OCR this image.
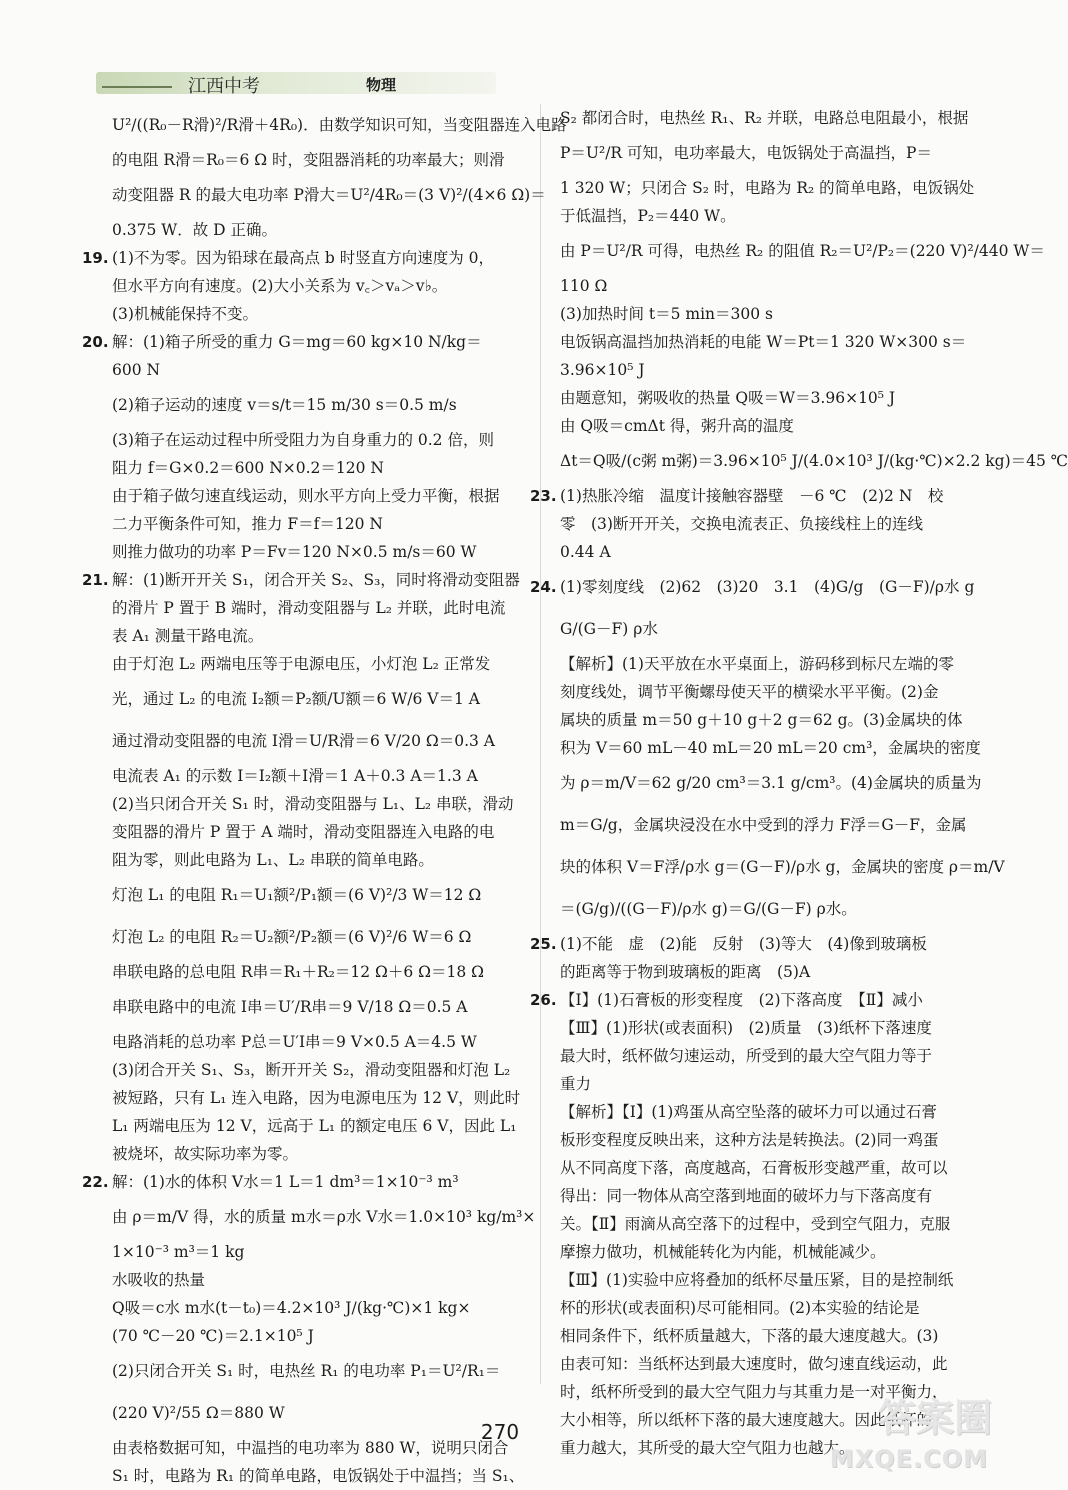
江西中考	物理
U²/((R₀－R滑)²/R滑＋4R₀)．由数学知识可知，当变阻器连入电路
的电阻 R滑＝R₀＝6 Ω 时，变阻器消耗的功率最大；则滑
动变阻器 R 的最大电功率 P滑大＝U²/4R₀＝(3 V)²/(4×6 Ω)＝
0.375 W．故 D 正确。
19. (1)不为零。因为铅球在最高点 b 时竖直方向速度为 0，
但水平方向有速度。(2)大小关系为 v꜀＞vₐ＞v♭。
(3)机械能保持不变。
20. 解：(1)箱子所受的重力 G＝mg＝60 kg×10 N/kg＝
600 N
(2)箱子运动的速度 v＝s/t＝15 m/30 s＝0.5 m/s
(3)箱子在运动过程中所受阻力为自身重力的 0.2 倍，则
阻力 f＝G×0.2＝600 N×0.2＝120 N
由于箱子做匀速直线运动，则水平方向上受力平衡，根据
二力平衡条件可知，推力 F＝f＝120 N
则推力做功的功率 P＝Fv＝120 N×0.5 m/s＝60 W
21. 解：(1)断开开关 S₁，闭合开关 S₂、S₃，同时将滑动变阻器
的滑片 P 置于 B 端时，滑动变阻器与 L₂ 并联，此时电流
表 A₁ 测量干路电流。
由于灯泡 L₂ 两端电压等于电源电压，小灯泡 L₂ 正常发
光，通过 L₂ 的电流 I₂额＝P₂额/U额＝6 W/6 V＝1 A
通过滑动变阻器的电流 I滑＝U/R滑＝6 V/20 Ω＝0.3 A
电流表 A₁ 的示数 I＝I₂额＋I滑＝1 A＋0.3 A＝1.3 A
(2)当只闭合开关 S₁ 时，滑动变阻器与 L₁、L₂ 串联，滑动
变阻器的滑片 P 置于 A 端时，滑动变阻器连入电路的电
阻为零，则此电路为 L₁、L₂ 串联的简单电路。
灯泡 L₁ 的电阻 R₁＝U₁额²/P₁额＝(6 V)²/3 W＝12 Ω
灯泡 L₂ 的电阻 R₂＝U₂额²/P₂额＝(6 V)²/6 W＝6 Ω
串联电路的总电阻 R串＝R₁＋R₂＝12 Ω＋6 Ω＝18 Ω
串联电路中的电流 I串＝U′/R串＝9 V/18 Ω＝0.5 A
电路消耗的总功率 P总＝U′I串＝9 V×0.5 A＝4.5 W
(3)闭合开关 S₁、S₃，断开开关 S₂，滑动变阻器和灯泡 L₂
被短路，只有 L₁ 连入电路，因为电源电压为 12 V，则此时
L₁ 两端电压为 12 V，远高于 L₁ 的额定电压 6 V，因此 L₁
被烧坏，故实际功率为零。
22. 解：(1)水的体积 V水＝1 L＝1 dm³＝1×10⁻³ m³
由 ρ＝m/V 得，水的质量 m水＝ρ水 V水＝1.0×10³ kg/m³×
1×10⁻³ m³＝1 kg
水吸收的热量
Q吸＝c水 m水(t－t₀)＝4.2×10³ J/(kg·℃)×1 kg×
(70 ℃－20 ℃)＝2.1×10⁵ J
(2)只闭合开关 S₁ 时，电热丝 R₁ 的电功率 P₁＝U²/R₁＝
(220 V)²/55 Ω＝880 W
由表格数据可知，中温挡的电功率为 880 W，说明只闭合
S₁ 时，电路为 R₁ 的简单电路，电饭锅处于中温挡；当 S₁、
S₂ 都闭合时，电热丝 R₁、R₂ 并联，电路总电阻最小，根据
P＝U²/R 可知，电功率最大，电饭锅处于高温挡，P＝
1 320 W；只闭合 S₂ 时，电路为 R₂ 的简单电路，电饭锅处
于低温挡，P₂＝440 W。
由 P＝U²/R 可得，电热丝 R₂ 的阻值 R₂＝U²/P₂＝(220 V)²/440 W＝
110 Ω
(3)加热时间 t＝5 min＝300 s
电饭锅高温挡加热消耗的电能 W＝Pt＝1 320 W×300 s＝
3.96×10⁵ J
由题意知，粥吸收的热量 Q吸＝W＝3.96×10⁵ J
由 Q吸＝cmΔt 得，粥升高的温度
Δt＝Q吸/(c粥 m粥)＝3.96×10⁵ J/(4.0×10³ J/(kg·℃)×2.2 kg)＝45 ℃
23. (1)热胀冷缩　温度计接触容器壁　－6 ℃　(2)2 N　校
零　(3)断开开关，交换电流表正、负接线柱上的连线
0.44 A
24. (1)零刻度线　(2)62　(3)20　3.1　(4)G/g　(G－F)/ρ水 g
G/(G－F) ρ水
【解析】(1)天平放在水平桌面上，游码移到标尺左端的零
刻度线处，调节平衡螺母使天平的横梁水平平衡。(2)金
属块的质量 m＝50 g＋10 g＋2 g＝62 g。(3)金属块的体
积为 V＝60 mL－40 mL＝20 mL＝20 cm³，金属块的密度
为 ρ＝m/V＝62 g/20 cm³＝3.1 g/cm³。(4)金属块的质量为
m＝G/g，金属块浸没在水中受到的浮力 F浮＝G－F，金属
块的体积 V＝F浮/ρ水 g＝(G－F)/ρ水 g，金属块的密度 ρ＝m/V
＝(G/g)/((G－F)/ρ水 g)＝G/(G－F) ρ水。
25. (1)不能　虚　(2)能　反射　(3)等大　(4)像到玻璃板
的距离等于物到玻璃板的距离　(5)A
26. 【Ⅰ】(1)石膏板的形变程度　(2)下落高度　【Ⅱ】减小
【Ⅲ】(1)形状(或表面积)　(2)质量　(3)纸杯下落速度
最大时，纸杯做匀速运动，所受到的最大空气阻力等于
重力
【解析】【Ⅰ】(1)鸡蛋从高空坠落的破坏力可以通过石膏
板形变程度反映出来，这种方法是转换法。(2)同一鸡蛋
从不同高度下落，高度越高，石膏板形变越严重，故可以
得出：同一物体从高空落到地面的破坏力与下落高度有
关。【Ⅱ】雨滴从高空落下的过程中，受到空气阻力，克服
摩擦力做功，机械能转化为内能，机械能减少。
【Ⅲ】(1)实验中应将叠加的纸杯尽量压紧，目的是控制纸
杯的形状(或表面积)尽可能相同。(2)本实验的结论是
相同条件下，纸杯质量越大，下落的最大速度越大。(3)
由表可知：当纸杯达到最大速度时，做匀速直线运动，此
时，纸杯所受到的最大空气阻力与其重力是一对平衡力，
大小相等，所以纸杯下落的最大速度越大。因此纸杯的
重力越大，其所受的最大空气阻力也越大。
270	答案圈
MXQE.COM
